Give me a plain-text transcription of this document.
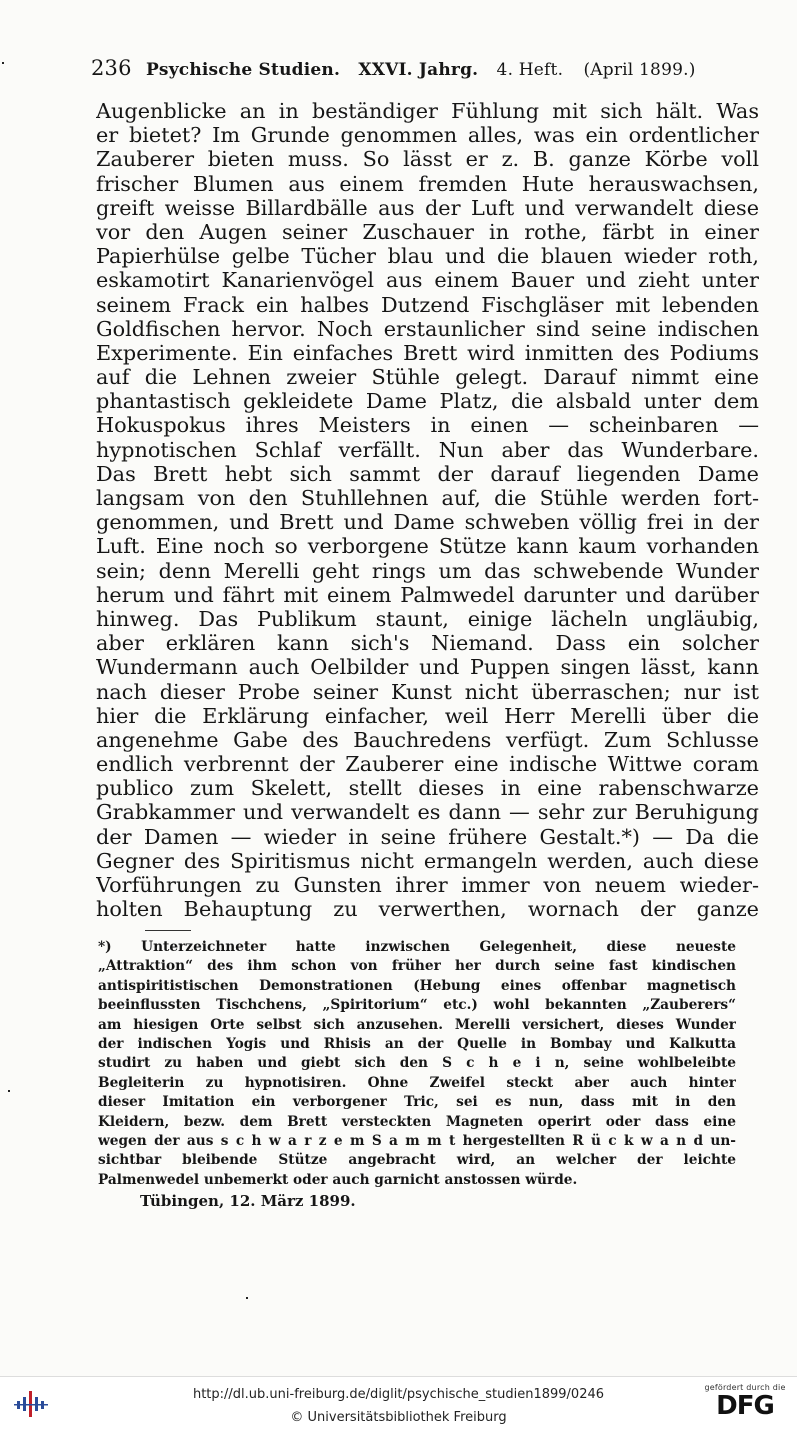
236 Psychische Studien. XXVI. Jahrg. 4. Heft. (April 1899.)
Augenblicke an in beständiger Fühlung mit sich hält. Was
er bietet? Im Grunde genommen alles, was ein ordentlicher
Zauberer bieten muss. So lässt er z. B. ganze Körbe voll
frischer Blumen aus einem fremden Hute herauswachsen,
greift weisse Billardbälle aus der Luft und verwandelt diese
vor den Augen seiner Zuschauer in rothe, färbt in einer
Papierhülse gelbe Tücher blau und die blauen wieder roth,
eskamotirt Kanarienvögel aus einem Bauer und zieht unter
seinem Frack ein halbes Dutzend Fischgläser mit lebenden
Goldfischen hervor. Noch erstaunlicher sind seine indischen
Experimente. Ein einfaches Brett wird inmitten des Podiums
auf die Lehnen zweier Stühle gelegt. Darauf nimmt eine
phantastisch gekleidete Dame Platz, die alsbald unter dem
Hokuspokus ihres Meisters in einen — scheinbaren —
hypnotischen Schlaf verfällt. Nun aber das Wunderbare.
Das Brett hebt sich sammt der darauf liegenden Dame
langsam von den Stuhllehnen auf, die Stühle werden fort-
genommen, und Brett und Dame schweben völlig frei in der
Luft. Eine noch so verborgene Stütze kann kaum vorhanden
sein; denn Merelli geht rings um das schwebende Wunder
herum und fährt mit einem Palmwedel darunter und darüber
hinweg. Das Publikum staunt, einige lächeln ungläubig,
aber erklären kann sich's Niemand. Dass ein solcher
Wundermann auch Oelbilder und Puppen singen lässt, kann
nach dieser Probe seiner Kunst nicht überraschen; nur ist
hier die Erklärung einfacher, weil Herr Merelli über die
angenehme Gabe des Bauchredens verfügt. Zum Schlusse
endlich verbrennt der Zauberer eine indische Wittwe coram
publico zum Skelett, stellt dieses in eine rabenschwarze
Grabkammer und verwandelt es dann — sehr zur Beruhigung
der Damen — wieder in seine frühere Gestalt.*) — Da die
Gegner des Spiritismus nicht ermangeln werden, auch diese
Vorführungen zu Gunsten ihrer immer von neuem wieder-
holten Behauptung zu verwerthen, wornach der ganze
*) Unterzeichneter hatte inzwischen Gelegenheit, diese neueste
„Attraktion“ des ihm schon von früher her durch seine fast kindischen
antispiritistischen Demonstrationen (Hebung eines offenbar magnetisch
beeinflussten Tischchens, „Spiritorium“ etc.) wohl bekannten „Zauberers“
am hiesigen Orte selbst sich anzusehen. Merelli versichert, dieses Wunder
der indischen Yogis und Rhisis an der Quelle in Bombay und Kalkutta
studirt zu haben und giebt sich den S c h e i n, seine wohlbeleibte
Begleiterin zu hypnotisiren. Ohne Zweifel steckt aber auch hinter
dieser Imitation ein verborgener Tric, sei es nun, dass mit in den
Kleidern, bezw. dem Brett versteckten Magneten operirt oder dass eine
wegen der aus s c h w a r z e m S a m m t hergestellten R ü c k w a n d un-
sichtbar bleibende Stütze angebracht wird, an welcher der leichte
Palmenwedel unbemerkt oder auch garnicht anstossen würde.
Tübingen, 12. März 1899.
http://dl.ub.uni-freiburg.de/diglit/psychische_studien1899/0246
© Universitätsbibliothek Freiburg
gefördert durch die
DFG
